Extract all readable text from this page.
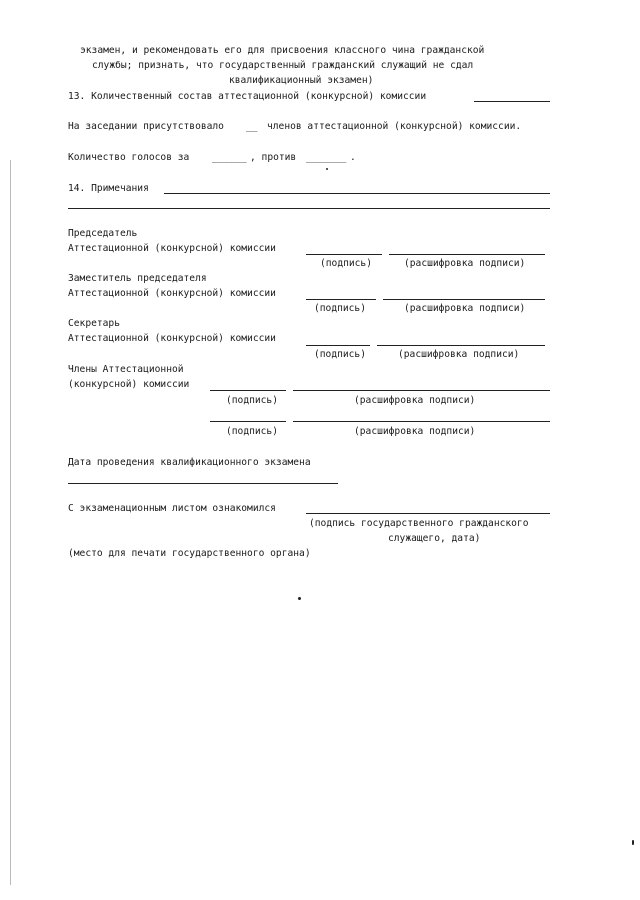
экзамен, и рекомендовать его для присвоения классного чина гражданской
службы; признать, что государственный гражданский служащий не сдал
квалификационный экзамен)
13. Количественный состав аттестационной (конкурсной) комиссии
На заседании присутствовало __ членов аттестационной (конкурсной) комиссии.
Количество голосов за ______ , против _______ .
14. Примечания
Председатель
Аттестационной (конкурсной) комиссии
(подпись)	(расшифровка подписи)
Заместитель председателя
Аттестационной (конкурсной) комиссии
(подпись)	(расшифровка подписи)
Секретарь
Аттестационной (конкурсной) комиссии
(подпись)	(расшифровка подписи)
Члены Аттестационной
(конкурсной) комиссии
(подпись)	(расшифровка подписи)
(подпись)	(расшифровка подписи)
Дата проведения квалификационного экзамена
С экзаменационным листом ознакомился
(подпись государственного гражданского
служащего, дата)
(место для печати государственного органа)
